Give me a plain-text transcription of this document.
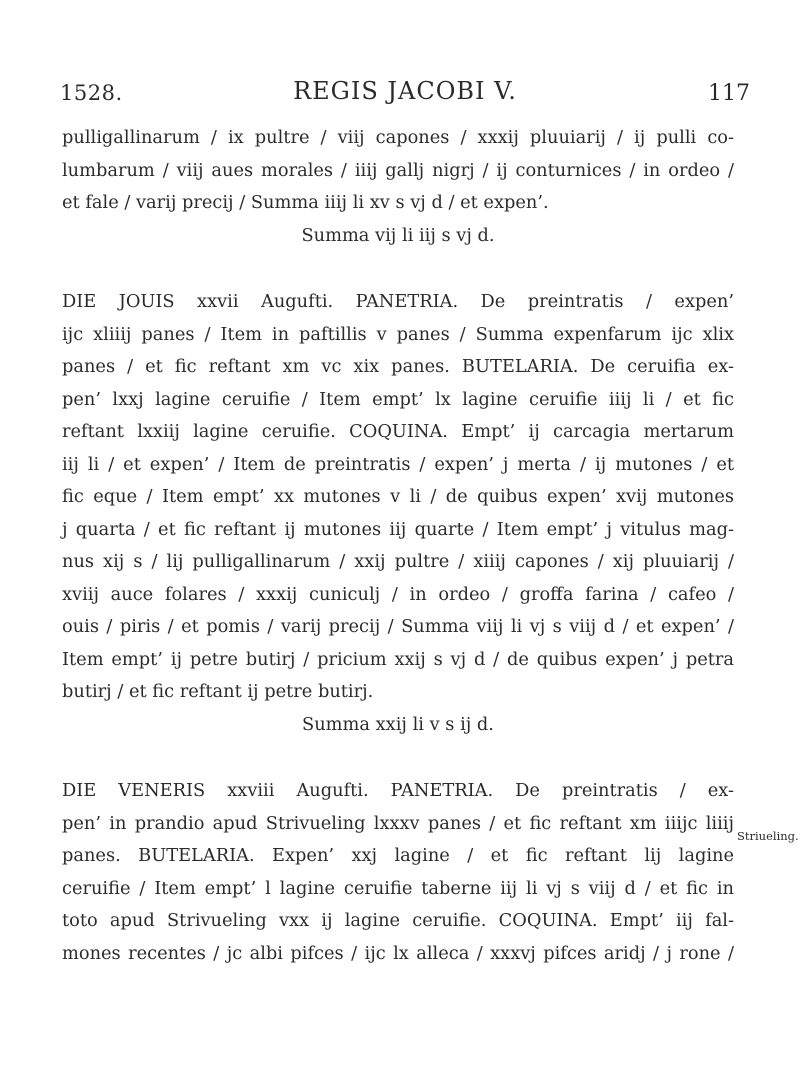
1528.	REGIS JACOBI V.	117
pulligallinarum / ix pultre / viij capones / xxxij pluuiarij / ij pulli co-
lumbarum / viij aues morales / iiij gallj nigrj / ij conturnices / in ordeo /
et fale / varij precij / Summa iiij li xv s vj d / et expen’.
Summa vij li iij s vj d.
DIE JOUIS xxvii Augufti. PANETRIA. De preintratis / expen’
ijc xliiij panes / Item in paftillis v panes / Summa expenfarum ijc xlix
panes / et fic reftant xm vc xix panes. BUTELARIA. De ceruifia ex-
pen’ lxxj lagine ceruifie / Item empt’ lx lagine ceruifie iiij li / et fic
reftant lxxiij lagine ceruifie. COQUINA. Empt’ ij carcagia mertarum
iij li / et expen’ / Item de preintratis / expen’ j merta / ij mutones / et
fic eque / Item empt’ xx mutones v li / de quibus expen’ xvij mutones
j quarta / et fic reftant ij mutones iij quarte / Item empt’ j vitulus mag-
nus xij s / lij pulligallinarum / xxij pultre / xiiij capones / xij pluuiarij /
xviij auce folares / xxxij cuniculj / in ordeo / groffa farina / cafeo /
ouis / piris / et pomis / varij precij / Summa viij li vj s viij d / et expen’ /
Item empt’ ij petre butirj / pricium xxij s vj d / de quibus expen’ j petra
butirj / et fic reftant ij petre butirj.
Summa xxij li v s ij d.
DIE VENERIS xxviii Augufti. PANETRIA. De preintratis / ex-
pen’ in prandio apud Strivueling lxxxv panes / et fic reftant xm iiijc liiij
panes. BUTELARIA. Expen’ xxj lagine / et fic reftant lij lagine
ceruifie / Item empt’ l lagine ceruifie taberne iij li vj s viij d / et fic in
toto apud Strivueling vxx ij lagine ceruifie. COQUINA. Empt’ iij fal-
mones recentes / jc albi pifces / ijc lx alleca / xxxvj pifces aridj / j rone /
Striueling.
